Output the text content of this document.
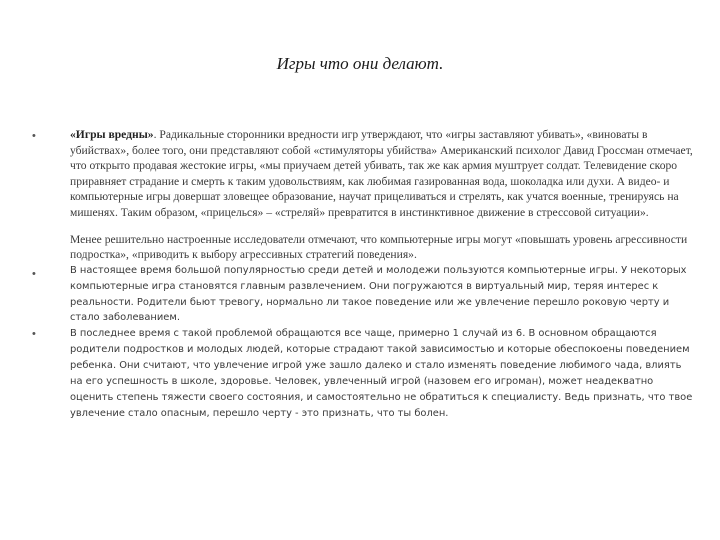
Игры что они делают.
•	«Игры вредны». Радикальные сторонники вредности игр утверждают, что «игры заставляют убивать», «виноваты в убийствах», более того, они представляют собой «стимуляторы убийства» Американский психолог Давид Гроссман отмечает, что открыто продавая жестокие игры, «мы приучаем детей убивать, так же как армия муштрует солдат. Телевидение скоро приравняет страдание и смерть к таким удовольствиям, как любимая газированная вода, шоколадка или духи. А видео- и компьютерные игры довершат зловещее образование, научат прицеливаться и стрелять, как учатся военные, тренируясь на мишенях. Таким образом, «прицелься» – «стреляй» превратится в инстинктивное движение в стрессовой ситуации».

Менее решительно настроенные исследователи отмечают, что компьютерные игры могут «повышать уровень агрессивности подростка», «приводить к выбору агрессивных стратегий поведения».

•	В настоящее время большой популярностью среди детей и молодежи пользуются компьютерные игры. У некоторых компьютерные игра становятся главным развлечением. Они погружаются в виртуальный мир, теряя интерес к реальности. Родители бьют тревогу, нормально ли такое поведение или же увлечение перешло роковую черту и стало заболеванием.

•	В последнее время с такой проблемой обращаются все чаще, примерно 1 случай из 6. В основном обращаются родители подростков и молодых людей, которые страдают такой зависимостью и которые обеспокоены поведением ребенка. Они считают, что увлечение игрой уже зашло далеко и стало изменять поведение любимого чада, влиять на его успешность в школе, здоровье. Человек, увлеченный игрой (назовем его игроман), может неадекватно оценить степень тяжести своего состояния, и самостоятельно не обратиться к специалисту. Ведь признать, что твое увлечение стало опасным, перешло черту - это признать, что ты болен.
